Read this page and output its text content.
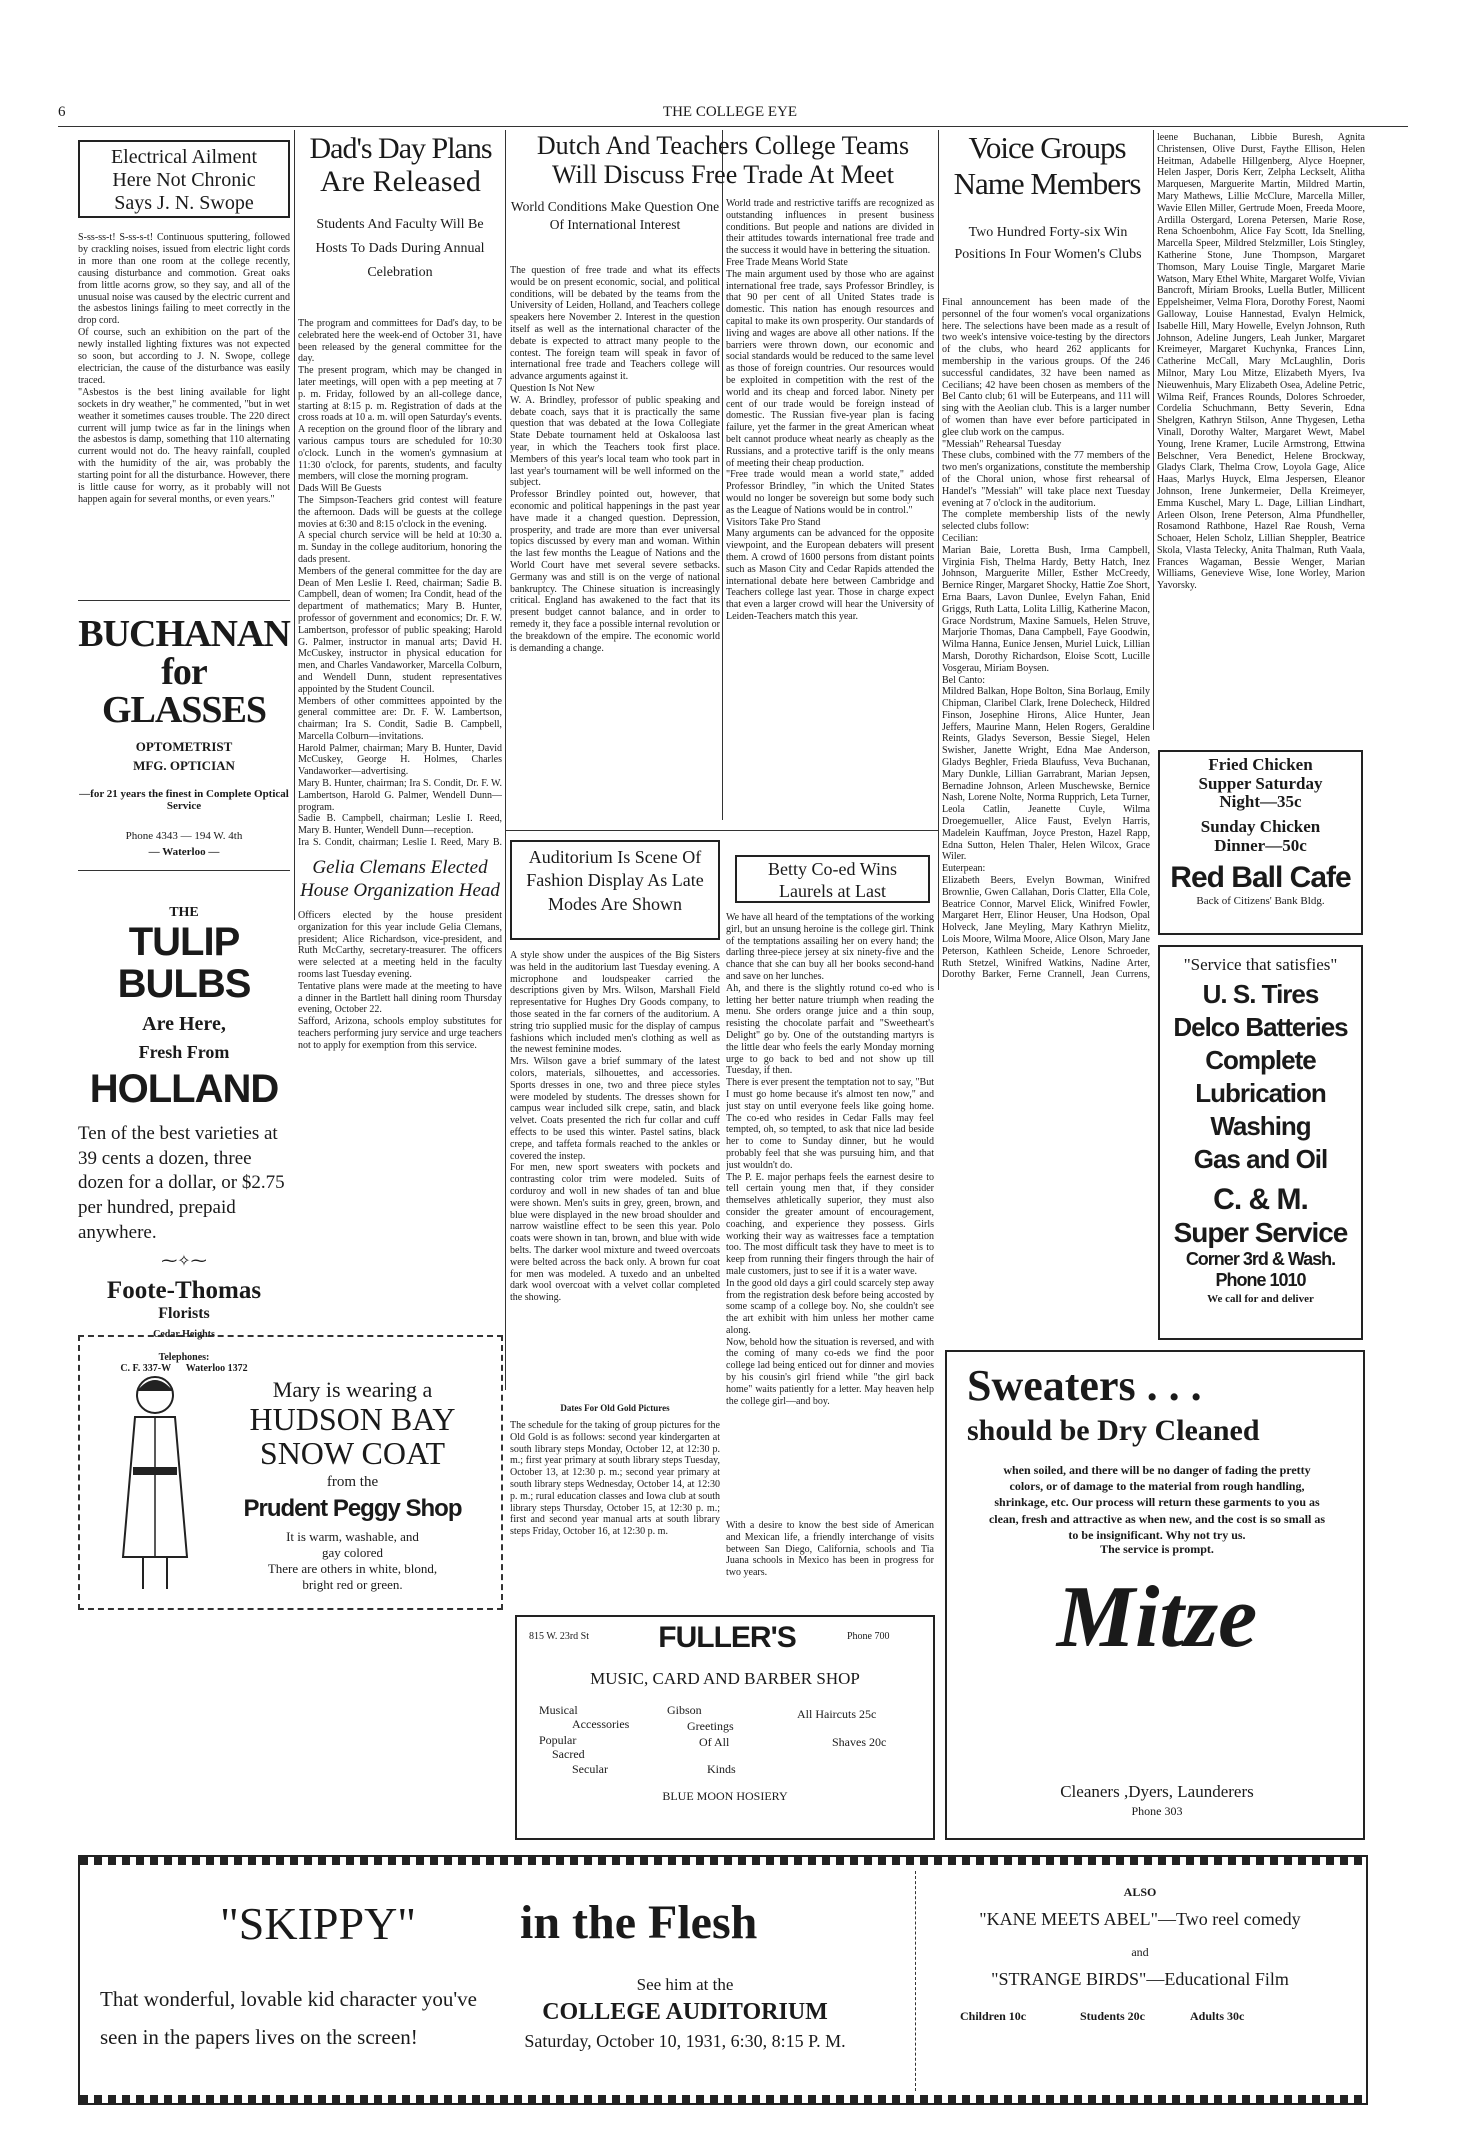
6	THE COLLEGE EYE
Electrical Ailment
Here Not Chronic
Says J. N. Swope
S-ss-ss-t! S-ss-s-t! Continuous sputtering, followed by crackling noises, issued from electric light cords in more than one room at the college recently, causing disturbance and commotion. Great oaks from little acorns grow, so they say, and all of the unusual noise was caused by the electric current and the asbestos linings failing to meet correctly in the drop cord.
Of course, such an exhibition on the part of the newly installed lighting fixtures was not expected so soon, but according to J. N. Swope, college electrician, the cause of the disturbance was easily traced.
"Asbestos is the best lining available for light sockets in dry weather," he commented, "but in wet weather it sometimes causes trouble. The 220 direct current will jump twice as far in the linings when the asbestos is damp, something that 110 alternating current would not do. The heavy rainfall, coupled with the humidity of the air, was probably the starting point for all the disturbance. However, there is little cause for worry, as it probably will not happen again for several months, or even years."
BUCHANAN for GLASSES
OPTOMETRIST
MFG. OPTICIAN
—for 21 years the finest in Complete Optical Service
Phone 4343 — 194 W. 4th
— Waterloo —
THE
TULIP BULBS
Are Here,
Fresh From
HOLLAND
Ten of the best varieties at 39 cents a dozen, three dozen for a dollar, or $2.75 per hundred, prepaid anywhere.
⁓✧⁓
Foote-Thomas
Florists
Cedar Heights
Telephones:
C. F. 337-W      Waterloo 1372
Dad's Day Plans
Are Released
Students And Faculty Will Be Hosts To Dads During Annual Celebration
The program and committees for Dad's day, to be celebrated here the week-end of October 31, have been released by the general committee for the day.
The present program, which may be changed in later meetings, will open with a pep meeting at 7 p. m. Friday, followed by an all-college dance, starting at 8:15 p. m. Registration of dads at the cross roads at 10 a. m. will open Saturday's events. A reception on the ground floor of the library and various campus tours are scheduled for 10:30 o'clock. Lunch in the women's gymnasium at 11:30 o'clock, for parents, students, and faculty members, will close the morning program.
Dads Will Be Guests
The Simpson-Teachers grid contest will feature the afternoon. Dads will be guests at the college movies at 6:30 and 8:15 o'clock in the evening.
A special church service will be held at 10:30 a. m. Sunday in the college auditorium, honoring the dads present.
Members of the general committee for the day are Dean of Men Leslie I. Reed, chairman; Sadie B. Campbell, dean of women; Ira Condit, head of the department of mathematics; Mary B. Hunter, professor of government and economics; Dr. F. W. Lambertson, professor of public speaking; Harold G. Palmer, instructor in manual arts; David H. McCuskey, instructor in physical education for men, and Charles Vandaworker, Marcella Colburn, and Wendell Dunn, student representatives appointed by the Student Council.
Members of other committees appointed by the general committee are: Dr. F. W. Lambertson, chairman; Ira S. Condit, Sadie B. Campbell, Marcella Colburn—invitations.
Harold Palmer, chairman; Mary B. Hunter, David McCuskey, George H. Holmes, Charles Vandaworker—advertising.
Mary B. Hunter, chairman; Ira S. Condit, Dr. F. W. Lambertson, Harold G. Palmer, Wendell Dunn—program.
Sadie B. Campbell, chairman; Leslie I. Reed, Mary B. Hunter, Wendell Dunn—reception.
Ira S. Condit, chairman; Leslie I. Reed, Mary B.

Gelia Clemans Elected
House Organization Head
Officers elected by the house president organization for this year include Gelia Clemans, president; Alice Richardson, vice-president, and Ruth McCarthy, secretary-treasurer. The officers were selected at a meeting held in the faculty rooms last Tuesday evening.
Tentative plans were made at the meeting to have a dinner in the Bartlett hall dining room Thursday evening, October 22.
Safford, Arizona, schools employ substitutes for teachers performing jury service and urge teachers not to apply for exemption from this service.
Dutch And Teachers College Teams
Will Discuss Free Trade At Meet
World Conditions Make Question One Of International Interest
The question of free trade and what its effects would be on present economic, social, and political conditions, will be debated by the teams from the University of Leiden, Holland, and Teachers college speakers here November 2. Interest in the question itself as well as the international character of the debate is expected to attract many people to the contest. The foreign team will speak in favor of international free trade and Teachers college will advance arguments against it.
Question Is Not New
W. A. Brindley, professor of public speaking and debate coach, says that it is practically the same question that was debated at the Iowa Collegiate State Debate tournament held at Oskaloosa last year, in which the Teachers took first place. Members of this year's local team who took part in last year's tournament will be well informed on the subject.
Professor Brindley pointed out, however, that economic and political happenings in the past year have made it a changed question. Depression, prosperity, and trade are more than ever universal topics discussed by every man and woman. Within the last few months the League of Nations and the World Court have met several severe setbacks. Germany was and still is on the verge of national bankruptcy. The Chinese situation is increasingly critical. England has awakened to the fact that its present budget cannot balance, and in order to remedy it, they face a possible internal revolution or the breakdown of the empire. The economic world is demanding a change.
World trade and restrictive tariffs are recognized as outstanding influences in present business conditions. But people and nations are divided in their attitudes towards international free trade and the success it would have in bettering the situation.
Free Trade Means World State
The main argument used by those who are against international free trade, says Professor Brindley, is that 90 per cent of all United States trade is domestic. This nation has enough resources and capital to make its own prosperity. Our standards of living and wages are above all other nations. If the barriers were thrown down, our economic and social standards would be reduced to the same level as those of foreign countries. Our resources would be exploited in competition with the rest of the world and its cheap and forced labor. Ninety per cent of our trade would be foreign instead of domestic. The Russian five-year plan is facing failure, yet the farmer in the great American wheat belt cannot produce wheat nearly as cheaply as the Russians, and a protective tariff is the only means of meeting their cheap production.
"Free trade would mean a world state," added Professor Brindley, "in which the United States would no longer be sovereign but some body such as the League of Nations would be in control."
Visitors Take Pro Stand
Many arguments can be advanced for the opposite viewpoint, and the European debaters will present them. A crowd of 1600 persons from distant points such as Mason City and Cedar Rapids attended the international debate here between Cambridge and Teachers college last year. Those in charge expect that even a larger crowd will hear the University of Leiden-Teachers match this year.
Auditorium Is Scene Of
Fashion Display As Late
Modes Are Shown
A style show under the auspices of the Big Sisters was held in the auditorium last Tuesday evening. A microphone and loudspeaker carried the descriptions given by Mrs. Wilson, Marshall Field representative for Hughes Dry Goods company, to those seated in the far corners of the auditorium. A string trio supplied music for the display of campus fashions which included men's clothing as well as the newest feminine modes.
Mrs. Wilson gave a brief summary of the latest colors, materials, silhouettes, and accessories. Sports dresses in one, two and three piece styles were modeled by students. The dresses shown for campus wear included silk crepe, satin, and black velvet. Coats presented the rich fur collar and cuff effects to be used this winter. Pastel satins, black crepe, and taffeta formals reached to the ankles or covered the instep.
For men, new sport sweaters with pockets and contrasting color trim were modeled. Suits of corduroy and woll in new shades of tan and blue were shown. Men's suits in grey, green, brown, and blue were displayed in the new broad shoulder and narrow waistline effect to be seen this year. Polo coats were shown in tan, brown, and blue with wide belts. The darker wool mixture and tweed overcoats were belted across the back only. A brown fur coat for men was modeled. A tuxedo and an unbelted dark wool overcoat with a velvet collar completed the showing.
Dates For Old Gold Pictures
The schedule for the taking of group pictures for the Old Gold is as follows: second year kindergarten at south library steps Monday, October 12, at 12:30 p. m.; first year primary at south library steps Tuesday, October 13, at 12:30 p. m.; second year primary at south library steps Wednesday, October 14, at 12:30 p. m.; rural education classes and Iowa club at south library steps Thursday, October 15, at 12:30 p. m.; first and second year manual arts at south library steps Friday, October 16, at 12:30 p. m.
Betty Co-ed Wins
Laurels at Last
We have all heard of the temptations of the working girl, but an unsung heroine is the college girl. Think of the temptations assailing her on every hand; the darling three-piece jersey at six ninety-five and the chance that she can buy all her books second-hand and save on her lunches.
Ah, and there is the slightly rotund co-ed who is letting her better nature triumph when reading the menu. She orders orange juice and a thin soup, resisting the chocolate parfait and "Sweetheart's Delight" go by. One of the outstanding martyrs is the little dear who feels the early Monday morning urge to go back to bed and not show up till Tuesday, if then.
There is ever present the temptation not to say, "But I must go home because it's almost ten now," and just stay on until everyone feels like going home. The co-ed who resides in Cedar Falls may feel tempted, oh, so tempted, to ask that nice lad beside her to come to Sunday dinner, but he would probably feel that she was pursuing him, and that just wouldn't do.
The P. E. major perhaps feels the earnest desire to tell certain young men that, if they consider themselves athletically superior, they must also consider the greater amount of encouragement, coaching, and experience they possess. Girls working their way as waitresses face a temptation too. The most difficult task they have to meet is to keep from running their fingers through the hair of male customers, just to see if it is a water wave.
In the good old days a girl could scarcely step away from the registration desk before being accosted by some scamp of a college boy. No, she couldn't see the art exhibit with him unless her mother came along.
Now, behold how the situation is reversed, and with the coming of many co-eds we find the poor college lad being enticed out for dinner and movies by his cousin's girl friend while "the girl back home" waits patiently for a letter. May heaven help the college girl—and boy.
With a desire to know the best side of American and Mexican life, a friendly interchange of visits between San Diego, California, schools and Tia Juana schools in Mexico has been in progress for two years.
Voice Groups
Name Members
Two Hundred Forty-six Win Positions In Four Women's Clubs
Final announcement has been made of the personnel of the four women's vocal organizations here. The selections have been made as a result of two week's intensive voice-testing by the directors of the clubs, who heard 262 applicants for membership in the various groups. Of the 246 successful candidates, 32 have been named as Cecilians; 42 have been chosen as members of the Bel Canto club; 61 will be Euterpeans, and 111 will sing with the Aeolian club. This is a larger number of women than have ever before participated in glee club work on the campus.
"Messiah" Rehearsal Tuesday
These clubs, combined with the 77 members of the two men's organizations, constitute the membership of the Choral union, whose first rehearsal of Handel's "Messiah" will take place next Tuesday evening at 7 o'clock in the auditorium.
The complete membership lists of the newly selected clubs follow:
Cecilian:
Marian Baie, Loretta Bush, Irma Campbell, Virginia Fish, Thelma Hardy, Betty Hatch, Inez Johnson, Marguerite Miller, Esther McCreedy, Bernice Ringer, Margaret Shocky, Hattie Zoe Short, Erna Baars, Lavon Dunlee, Evelyn Fahan, Enid Griggs, Ruth Latta, Lolita Lillig, Katherine Macon, Grace Nordstrum, Maxine Samuels, Helen Struve, Marjorie Thomas, Dana Campbell, Faye Goodwin, Wilma Hanna, Eunice Jensen, Muriel Luick, Lillian Marsh, Dorothy Richardson, Eloise Scott, Lucille Vosgerau, Miriam Boysen.
Bel Canto:
Mildred Balkan, Hope Bolton, Sina Borlaug, Emily Chipman, Claribel Clark, Irene Dolecheck, Hildred Finson, Josephine Hirons, Alice Hunter, Jean Jeffers, Maurine Mann, Helen Rogers, Geraldine Reints, Gladys Severson, Bessie Siegel, Helen Swisher, Janette Wright, Edna Mae Anderson, Gladys Beghler, Frieda Blaufuss, Veva Buchanan, Mary Dunkle, Lillian Garrabrant, Marian Jepsen, Bernadine Johnson, Arleen Muschewske, Bernice Nash, Lorene Nolte, Norma Rupprich, Leta Turner, Leola Catlin, Jeanette Cuyle, Wilma Droegemueller, Alice Faust, Evelyn Harris, Madelein Kauffman, Joyce Preston, Hazel Rapp, Edna Sutton, Helen Thaler, Helen Wilcox, Grace Wiler.
Euterpean:
Elizabeth Beers, Evelyn Bowman, Winifred Brownlie, Gwen Callahan, Doris Clatter, Ella Cole, Beatrice Connor, Marvel Elick, Winifred Fowler, Margaret Herr, Elinor Heuser, Una Hodson, Opal Holveck, Jane Meyling, Mary Kathryn Mielitz, Lois Moore, Wilma Moore, Alice Olson, Mary Jane Peterson, Kathleen Scheide, Lenore Schroeder, Ruth Stetzel, Winifred Watkins, Nadine Arter, Dorothy Barker, Ferne Crannell, Jean Currens,

leene Buchanan, Libbie Buresh, Agnita Christensen, Olive Durst, Faythe Ellison, Helen Heitman, Adabelle Hillgenberg, Alyce Hoepner, Helen Jasper, Doris Kerr, Zelpha Leckselt, Alitha Marquesen, Marguerite Martin, Mildred Martin, Mary Mathews, Lillie McClure, Marcella Miller, Wavie Ellen Miller, Gertrude Moen, Freeda Moore, Ardilla Ostergard, Lorena Petersen, Marie Rose, Rena Schoenbohm, Alice Fay Scott, Ida Snelling, Marcella Speer, Mildred Stelzmiller, Lois Stingley, Katherine Stone, June Thompson, Margaret Thomson, Mary Louise Tingle, Margaret Marie Watson, Mary Ethel White, Margaret Wolfe, Vivian Bancroft, Miriam Brooks, Luella Butler, Millicent Eppelsheimer, Velma Flora, Dorothy Forest, Naomi Galloway, Louise Hannestad, Evalyn Helmick, Isabelle Hill, Mary Howelle, Evelyn Johnson, Ruth Johnson, Adeline Jungers, Leah Junker, Margaret Kreimeyer, Margaret Kuchynka, Frances Linn, Catherine McCall, Mary McLaughlin, Doris Milnor, Mary Lou Mitze, Elizabeth Myers, Iva Nieuwenhuis, Mary Elizabeth Osea, Adeline Petric, Wilma Reif, Frances Rounds, Dolores Schroeder, Cordelia Schuchmann, Betty Severin, Edna Shelgren, Kathryn Stilson, Anne Thygesen, Letha Vinall, Dorothy Walter, Margaret Wewt, Mabel Young, Irene Kramer, Lucile Armstrong, Ettwina Belschner, Vera Benedict, Helene Brockway, Gladys Clark, Thelma Crow, Loyola Gage, Alice Haas, Marlys Huyck, Elma Jespersen, Eleanor Johnson, Irene Junkermeier, Della Kreimeyer, Emma Kuschel, Mary L. Dage, Lillian Lindhart, Arleen Olson, Irene Peterson, Alma Pfundheller, Rosamond Rathbone, Hazel Rae Roush, Verna Schoaer, Helen Scholz, Lillian Sheppler, Beatrice Skola, Vlasta Telecky, Anita Thalman, Ruth Vaala, Frances Wagaman, Bessie Wenger, Marian Williams, Genevieve Wise, Ione Worley, Marion Yavorsky.
Fried Chicken
Supper Saturday
Night—35c
Sunday Chicken
Dinner—50c
Red Ball Cafe
Back of Citizens' Bank Bldg.
"Service that satisfies"
U. S. Tires
Delco Batteries
Complete
Lubrication
Washing
Gas and Oil
C. & M.
Super Service
Corner 3rd & Wash.
Phone 1010
We call for and deliver
Mary is wearing a
HUDSON BAY
SNOW COAT
from the
Prudent Peggy Shop
It is warm, washable, and
gay colored
There are others in white, blond,
bright red or green.
815 W. 23rd St	FULLER'S	Phone 700
MUSIC, CARD AND BARBER SHOP
Musical
Accessories
Popular
Sacred
Secular
Gibson
Greetings
Of All
Kinds
All Haircuts 25c
Shaves 20c
BLUE MOON HOSIERY
Sweaters . . .
should be Dry Cleaned
when soiled, and there will be no danger of fading the pretty colors, or of damage to the material from rough handling, shrinkage, etc. Our process will return these garments to you as clean, fresh and attractive as when new, and the cost is so small as to be insignificant. Why not try us.
The service is prompt.
Mitze
Cleaners ,Dyers, Launderers
Phone 303
"SKIPPY" in the Flesh
That wonderful, lovable kid character you've
seen in the papers lives on the screen!
See him at the
COLLEGE AUDITORIUM
Saturday, October 10, 1931, 6:30, 8:15 P. M.
ALSO
"KANE MEETS ABEL"—Two reel comedy
and
"STRANGE BIRDS"—Educational Film
Children 10c	Students 20c	Adults 30c
